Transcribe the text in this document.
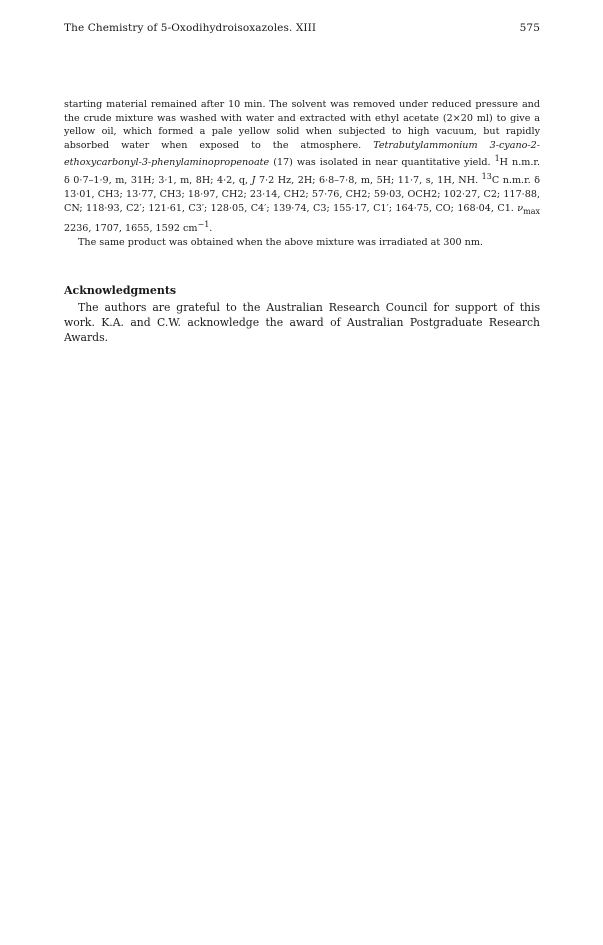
The Chemistry of 5-Oxodihydroisoxazoles. XIII	575

starting material remained after 10 min. The solvent was removed under reduced pressure and the crude mixture was washed with water and extracted with ethyl acetate (2×20 ml) to give a yellow oil, which formed a pale yellow solid when subjected to high vacuum, but rapidly absorbed water when exposed to the atmosphere. Tetrabutylammonium 3-cyano-2-ethoxycarbonyl-3-phenylaminopropenoate (17) was isolated in near quantitative yield. $^1$H n.m.r. δ 0·7–1·9, m, 31H; 3·1, m, 8H; 4·2, q, J 7·2 Hz, 2H; 6·8–7·8, m, 5H; 11·7, s, 1H, NH. $^{13}$C n.m.r. δ 13·01, CH3; 13·77, CH3; 18·97, CH2; 23·14, CH2; 57·76, CH2; 59·03, OCH2; 102·27, C2; 117·88, CN; 118·93, C2′; 121·61, C3′; 128·05, C4′; 139·74, C3; 155·17, C1′; 164·75, CO; 168·04, C1. $\nu_{max}$ 2236, 1707, 1655, 1592 $cm^{-1}$.

The same product was obtained when the above mixture was irradiated at 300 nm.

Acknowledgments

The authors are grateful to the Australian Research Council for support of this work. K.A. and C.W. acknowledge the award of Australian Postgraduate Research Awards.
